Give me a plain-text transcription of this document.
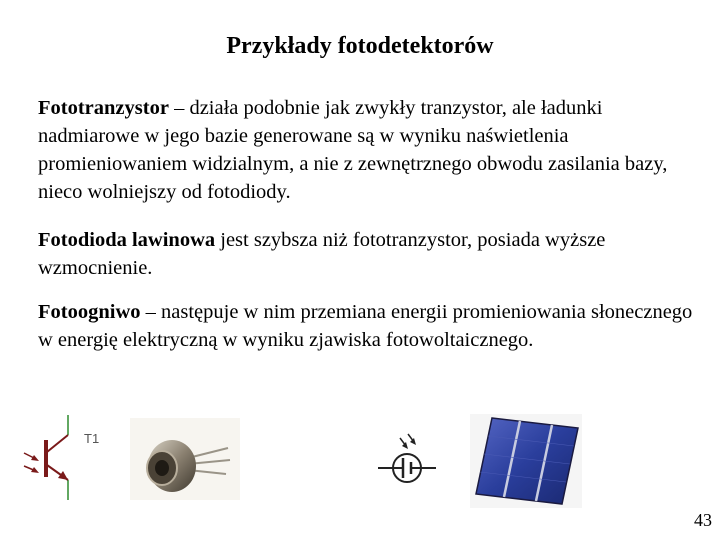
Przykłady fotodetektorów
Fototranzystor – działa podobnie jak zwykły tranzystor, ale ładunki nadmiarowe w jego bazie generowane są w wyniku naświetlenia promieniowaniem widzialnym, a nie z zewnętrznego obwodu zasilania bazy, nieco wolniejszy od fotodiody.
Fotodioda lawinowa jest szybsza niż fototranzystor, posiada wyższe wzmocnienie.
Fotoogniwo – następuje w nim przemiana energii promieniowania słonecznego w energię elektryczną w wyniku zjawiska fotowoltaicznego.
T1
43
